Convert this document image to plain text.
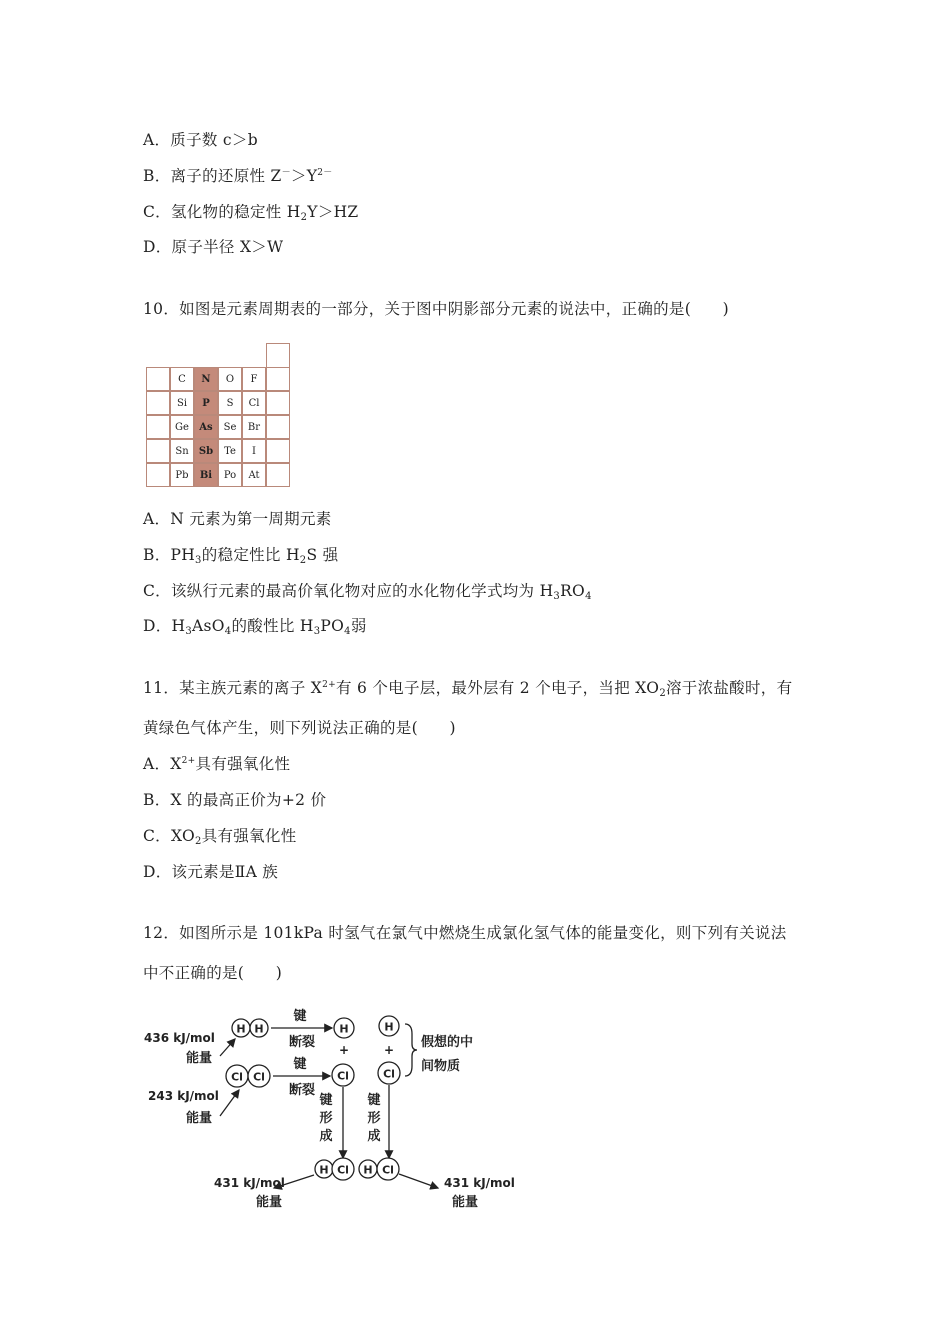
A．质子数 c＞b
B．离子的还原性 $Z^->Y^{2-}$
C．氢化物的稳定性 $H_2Y>HZ$
D．原子半径 X＞W
10．如图是元素周期表的一部分，关于图中阴影部分元素的说法中，正确的是(　　)
C	N	O	F
Si	P	S	Cl
Ge	As	Se	Br
Sn	Sb	Te	I
Pb	Bi	Po	At
A．N 元素为第一周期元素
B．$PH_3$的稳定性比 $H_2S$ 强
C．该纵行元素的最高价氧化物对应的水化物化学式均为 $H_3RO_4$
D．$H_3AsO_4$的酸性比 $H_3PO_4$弱
11．某主族元素的离子 $X^{2+}$有 6 个电子层，最外层有 2 个电子，当把 $XO_2$溶于浓盐酸时，有
黄绿色气体产生，则下列说法正确的是(　　)
A．$X^{2+}$具有强氧化性
B．X 的最高正价为+2 价
C．$XO_2$具有强氧化性
D．该元素是ⅡA 族
12．如图所示是 101kPa 时氢气在氯气中燃烧生成氯化氢气体的能量变化，则下列有关说法
中不正确的是(　　)
H H
键
断裂
H
+
H
+
Cl
假想的中
间物质
436 kJ/mol
能量
Cl Cl
键
断裂
Cl
243 kJ/mol
能量
键
形
成
键
形
成
H Cl H Cl
431 kJ/mol
能量
431 kJ/mol
能量
